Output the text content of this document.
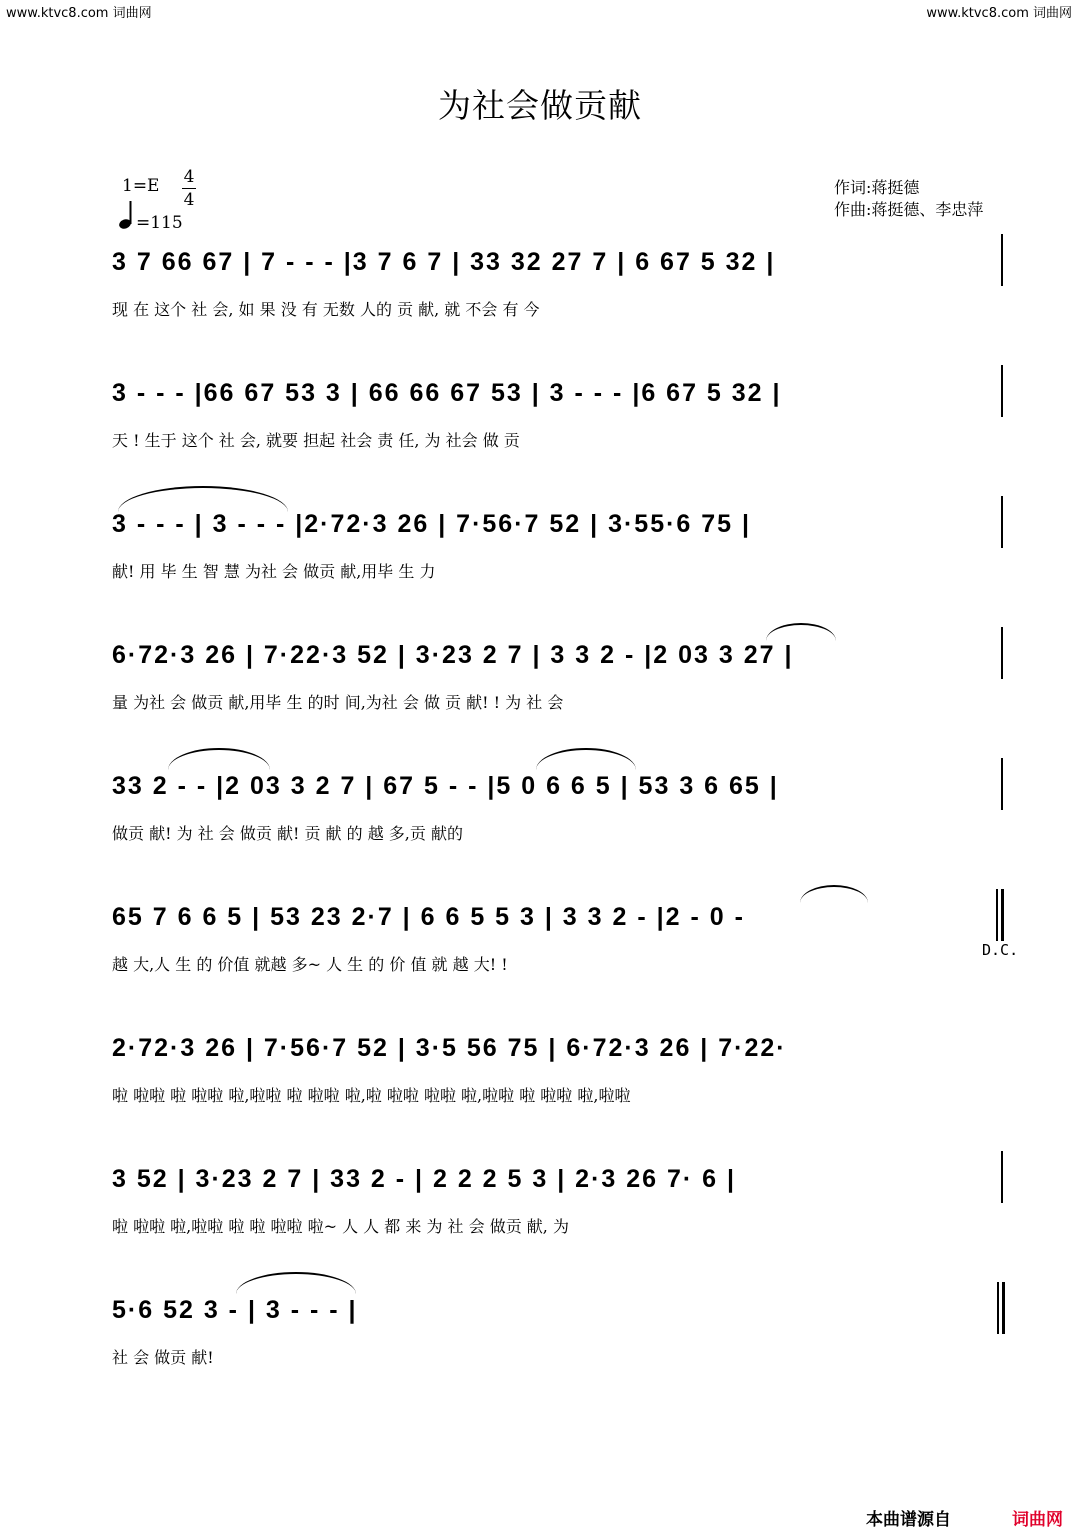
www.ktvc8.com 词曲网	www.ktvc8.com 词曲网
为社会做贡献
1=E 4
4
=115
作词:蒋挺德
作曲:蒋挺德、李忠萍
3 7 66 67 | 7 - - - |3 7 6 7 | 33 32 27 7 | 6 67 5 32 |
现 在 这个 社 会, 如 果 没 有 无数 人的 贡 献, 就 不会 有 今
3 - - - |66 67 53 3 | 66 66 67 53 | 3 - - - |6 67 5 32 |
天 ! 生于 这个 社 会, 就要 担起 社会 责 任, 为 社会 做 贡
3 - - - | 3 - - - |2·72·3 26 | 7·56·7 52 | 3·55·6 75 |
献! 用 毕 生 智 慧 为社 会 做贡 献,用毕 生 力
6·72·3 26 | 7·22·3 52 | 3·23 2 7 | 3 3 2 - |2 03 3 27 |
量 为社 会 做贡 献,用毕 生 的时 间,为社 会 做 贡 献! ! 为 社 会
33 2 - - |2 03 3 2 7 | 67 5 - - |5 0 6 6 5 | 53 3 6 65 |
做贡 献! 为 社 会 做贡 献! 贡 献 的 越 多,贡 献的
65 7 6 6 5 | 53 23 2·7 | 6 6 5 5 3 | 3 3 2 - |2 - 0 -
越 大,人 生 的 价值 就越 多~ 人 生 的 价 值 就 越 大! !
D.C.
2·72·3 26 | 7·56·7 52 | 3·5 56 75 | 6·72·3 26 | 7·22·
啦 啦啦 啦 啦啦 啦,啦啦 啦 啦啦 啦,啦 啦啦 啦啦 啦,啦啦 啦 啦啦 啦,啦啦
3 52 | 3·23 2 7 | 33 2 - | 2 2 2 5 3 | 2·3 26 7· 6 |
啦 啦啦 啦,啦啦 啦 啦 啦啦 啦~ 人 人 都 来 为 社 会 做贡 献, 为
5·6 52 3 - | 3 - - - |
社 会 做贡 献!
本曲谱源自	词曲网
